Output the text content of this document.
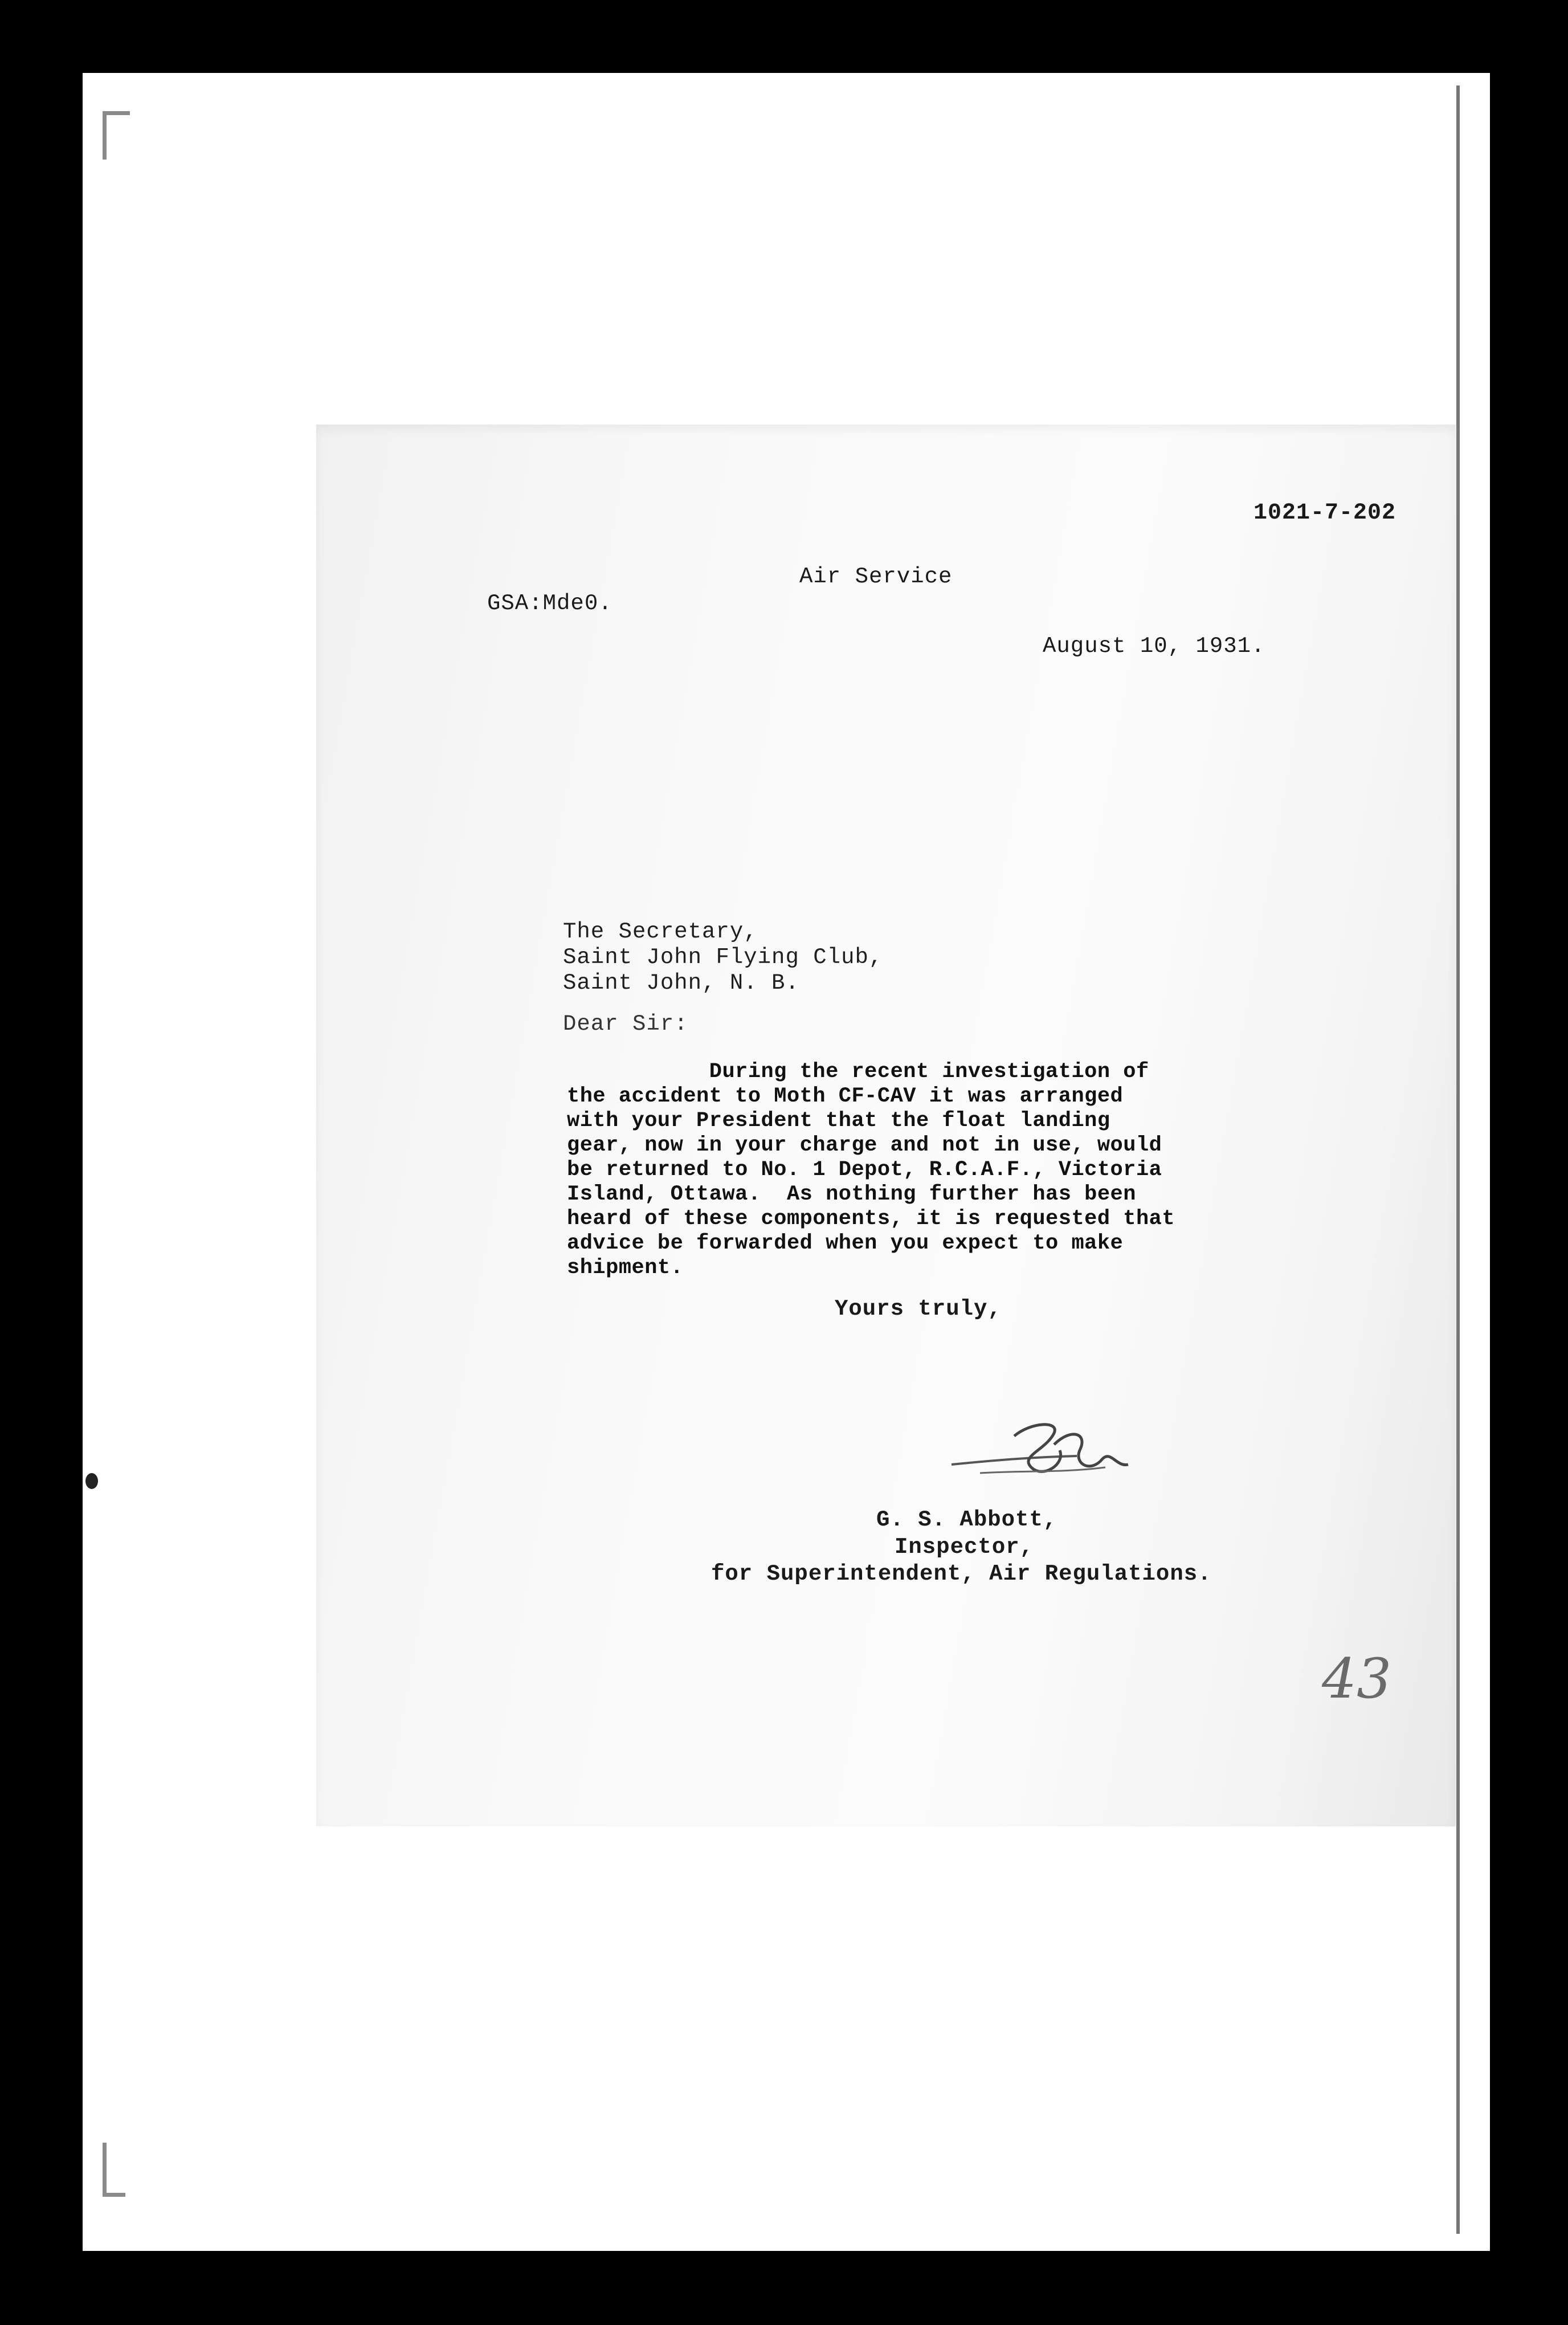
1021-7-202
Air Service
GSA:Mde0.
August 10, 1931.
The Secretary,
Saint John Flying Club,
Saint John, N. B.
Dear Sir:
During the recent investigation of
the accident to Moth CF-CAV it was arranged
with your President that the float landing
gear, now in your charge and not in use, would
be returned to No. 1 Depot, R.C.A.F., Victoria
Island, Ottawa.  As nothing further has been
heard of these components, it is requested that
advice be forwarded when you expect to make
shipment.
Yours truly,
G. S. Abbott,
Inspector,
for Superintendent, Air Regulations.
43
